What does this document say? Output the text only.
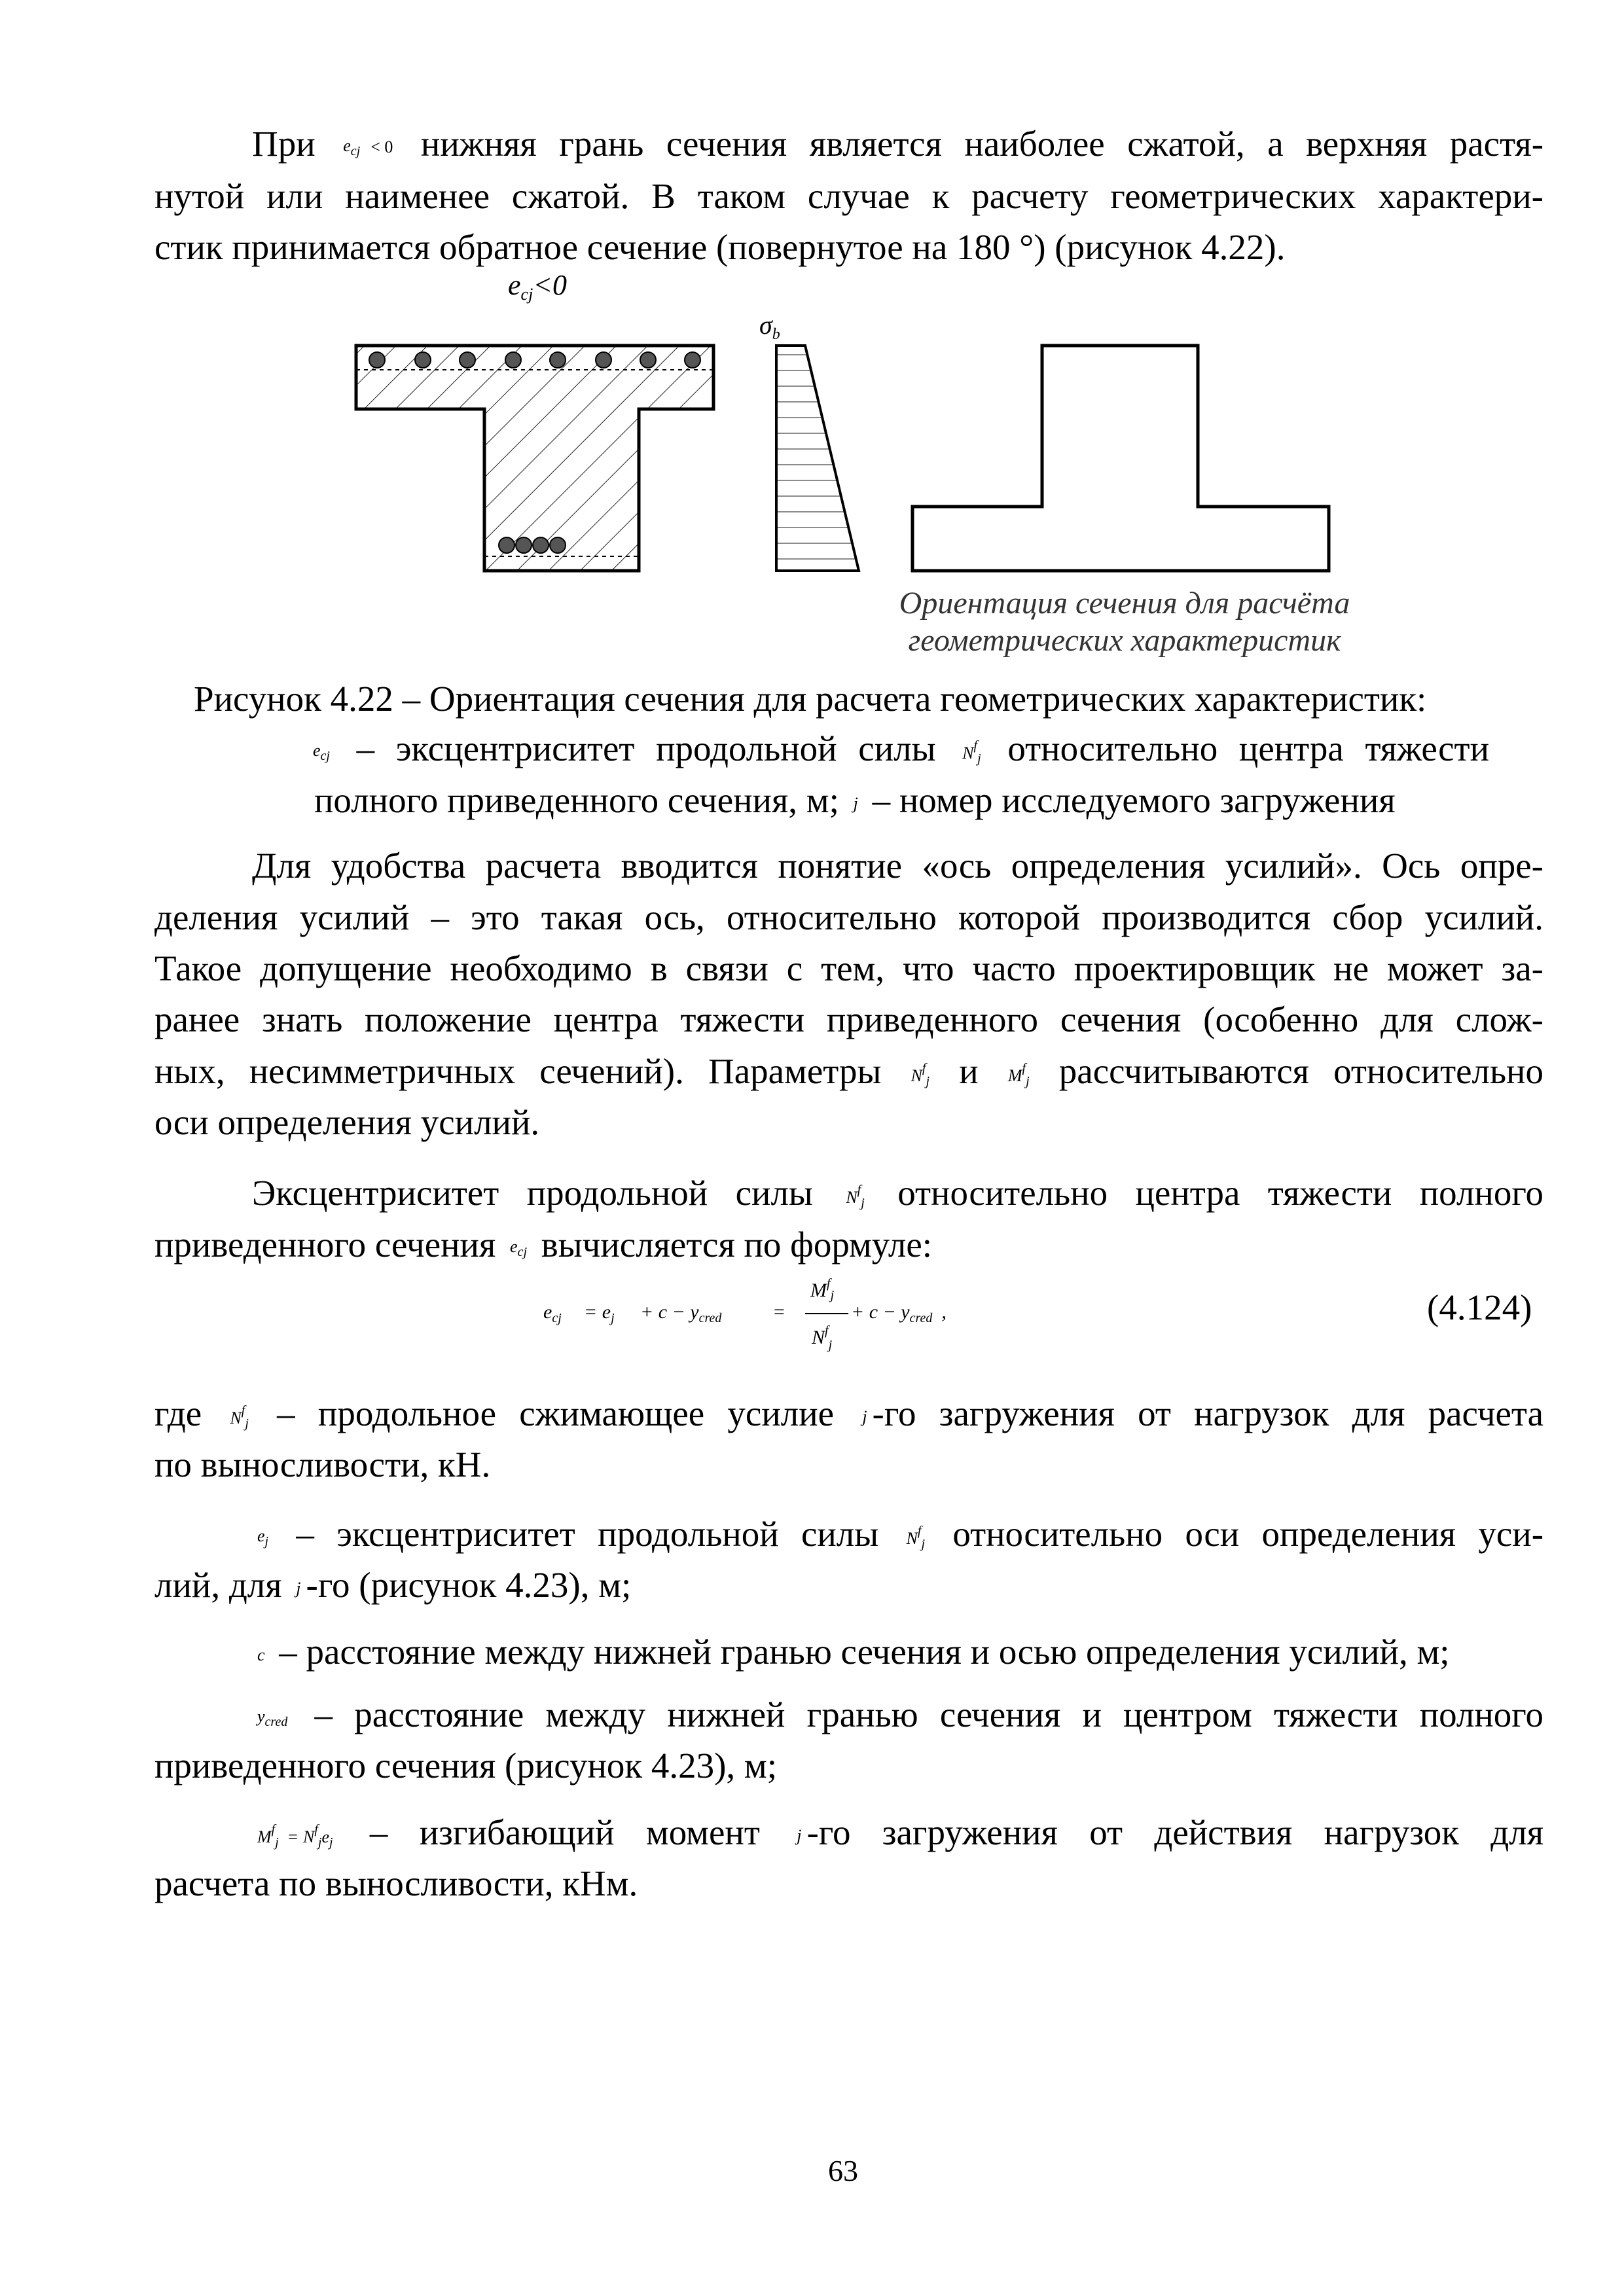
При $e_{cj} < 0$ нижняя грань сечения является наиболее сжатой, а верхняя растя-
нутой или наименее сжатой. В таком случае к расчету геометрических характери-
стик принимается обратное сечение (повернутое на 180 °) (рисунок 4.22).
ecj<0
$\sigma_b$
Ориентация сечения для расчёта
геометрических характеристик
Рисунок 4.22 – Ориентация сечения для расчета геометрических характеристик:
$e_{cj}$ – эксцентриситет продольной силы $N^f_j$ относительно центра тяжести
полного приведенного сечения, м; j – номер исследуемого загружения
Для удобства расчета вводится понятие «ось определения усилий». Ось опре-
деления усилий – это такая ось, относительно которой производится сбор усилий.
Такое допущение необходимо в связи с тем, что часто проектировщик не может за-
ранее знать положение центра тяжести приведенного сечения (особенно для слож-
ных, несимметричных сечений). Параметры $N^f_j$ и $M^f_j$ рассчитываются относительно
оси определения усилий.
Эксцентриситет продольной силы $N^f_j$ относительно центра тяжести полного
приведенного сечения $e_{cj}$ вычисляется по формуле:
$e_{cj} = e_j + c - y_{cred}$	=
$M^fj$
$N^f_j$
+ $c - y_{cred}$ ,	(4.124)
где $N^f_j$ – продольное сжимающее усилие j -го загружения от нагрузок для расчета
по выносливости, кН.
$e_j$ – эксцентриситет продольной силы $N^f_j$ относительно оси определения уси-
лий, для j -го (рисунок 4.23), м;
c – расстояние между нижней гранью сечения и осью определения усилий, м;
$y_{cred}$ – расстояние между нижней гранью сечения и центром тяжести полного
приведенного сечения (рисунок 4.23), м;
$M^f_j = N^f_je_j$ – изгибающий момент j -го загружения от действия нагрузок для
расчета по выносливости, кНм.
63
